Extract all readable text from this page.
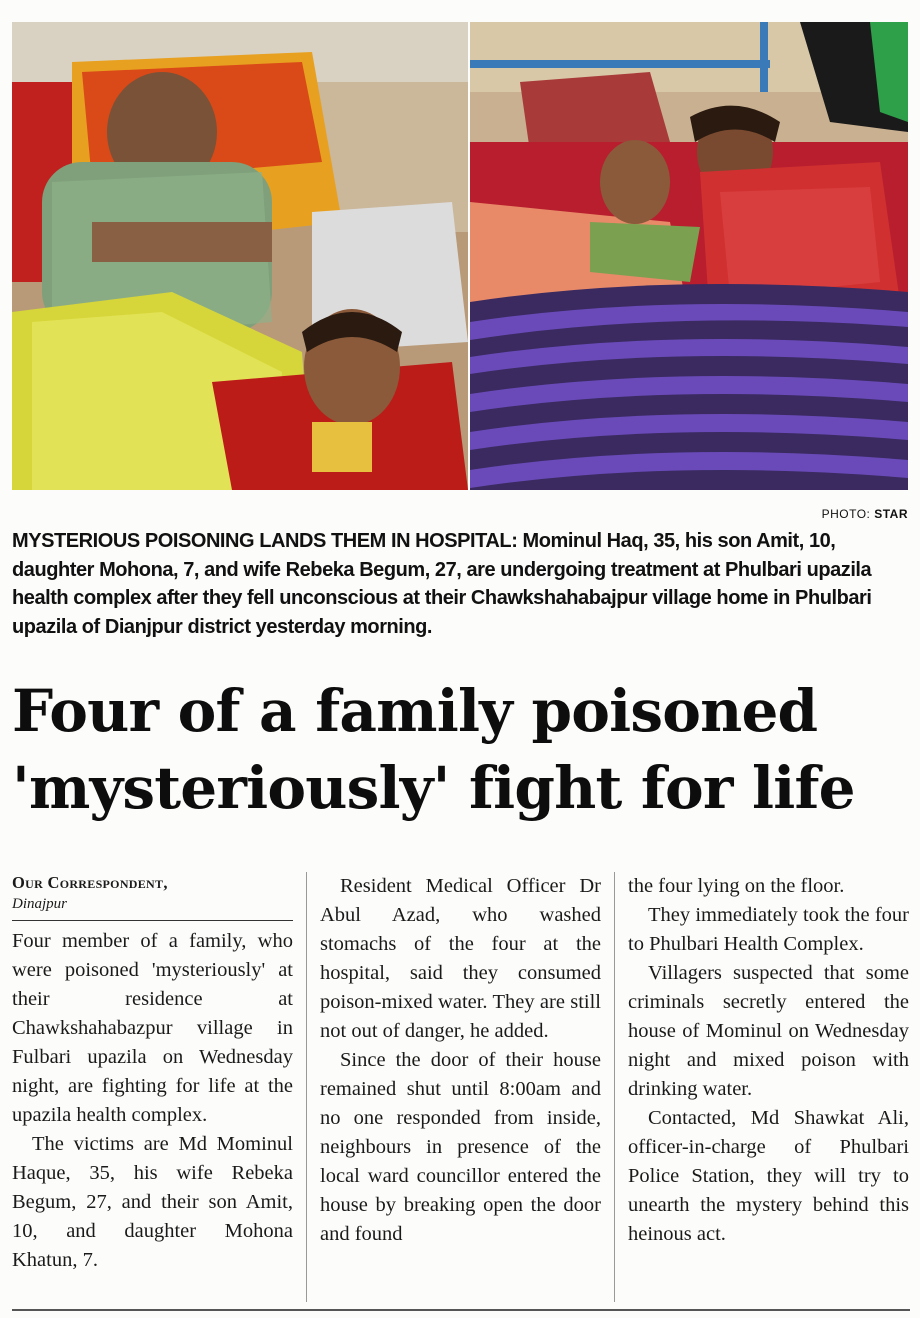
PHOTO: STAR
MYSTERIOUS POISONING LANDS THEM IN HOSPITAL: Mominul Haq, 35, his son Amit, 10, daughter Mohona, 7, and wife Rebeka Begum, 27, are undergoing treatment at Phulbari upazila health complex after they fell unconscious at their Chawkshahabajpur village home in Phulbari upazila of Dianjpur district yesterday morning.
Four of a family poisoned
'mysteriously' fight for life
Our Correspondent,
Dinajpur

Four member of a family, who were poisoned 'mysteriously' at their residence at Chawkshahabazpur village in Fulbari upazila on Wednesday night, are fighting for life at the upazila health complex.

The victims are Md Mominul Haque, 35, his wife Rebeka Begum, 27, and their son Amit, 10, and daughter Mohona Khatun, 7.

Resident Medical Officer Dr Abul Azad, who washed stomachs of the four at the hospital, said they consumed poison-mixed water. They are still not out of danger, he added.

Since the door of their house remained shut until 8:00am and no one responded from inside, neighbours in presence of the local ward councillor entered the house by breaking open the door and found

the four lying on the floor.

They immediately took the four to Phulbari Health Complex.

Villagers suspected that some criminals secretly entered the house of Mominul on Wednesday night and mixed poison with drinking water.

Contacted, Md Shawkat Ali, officer-in-charge of Phulbari Police Station, they will try to unearth the mystery behind this heinous act.
